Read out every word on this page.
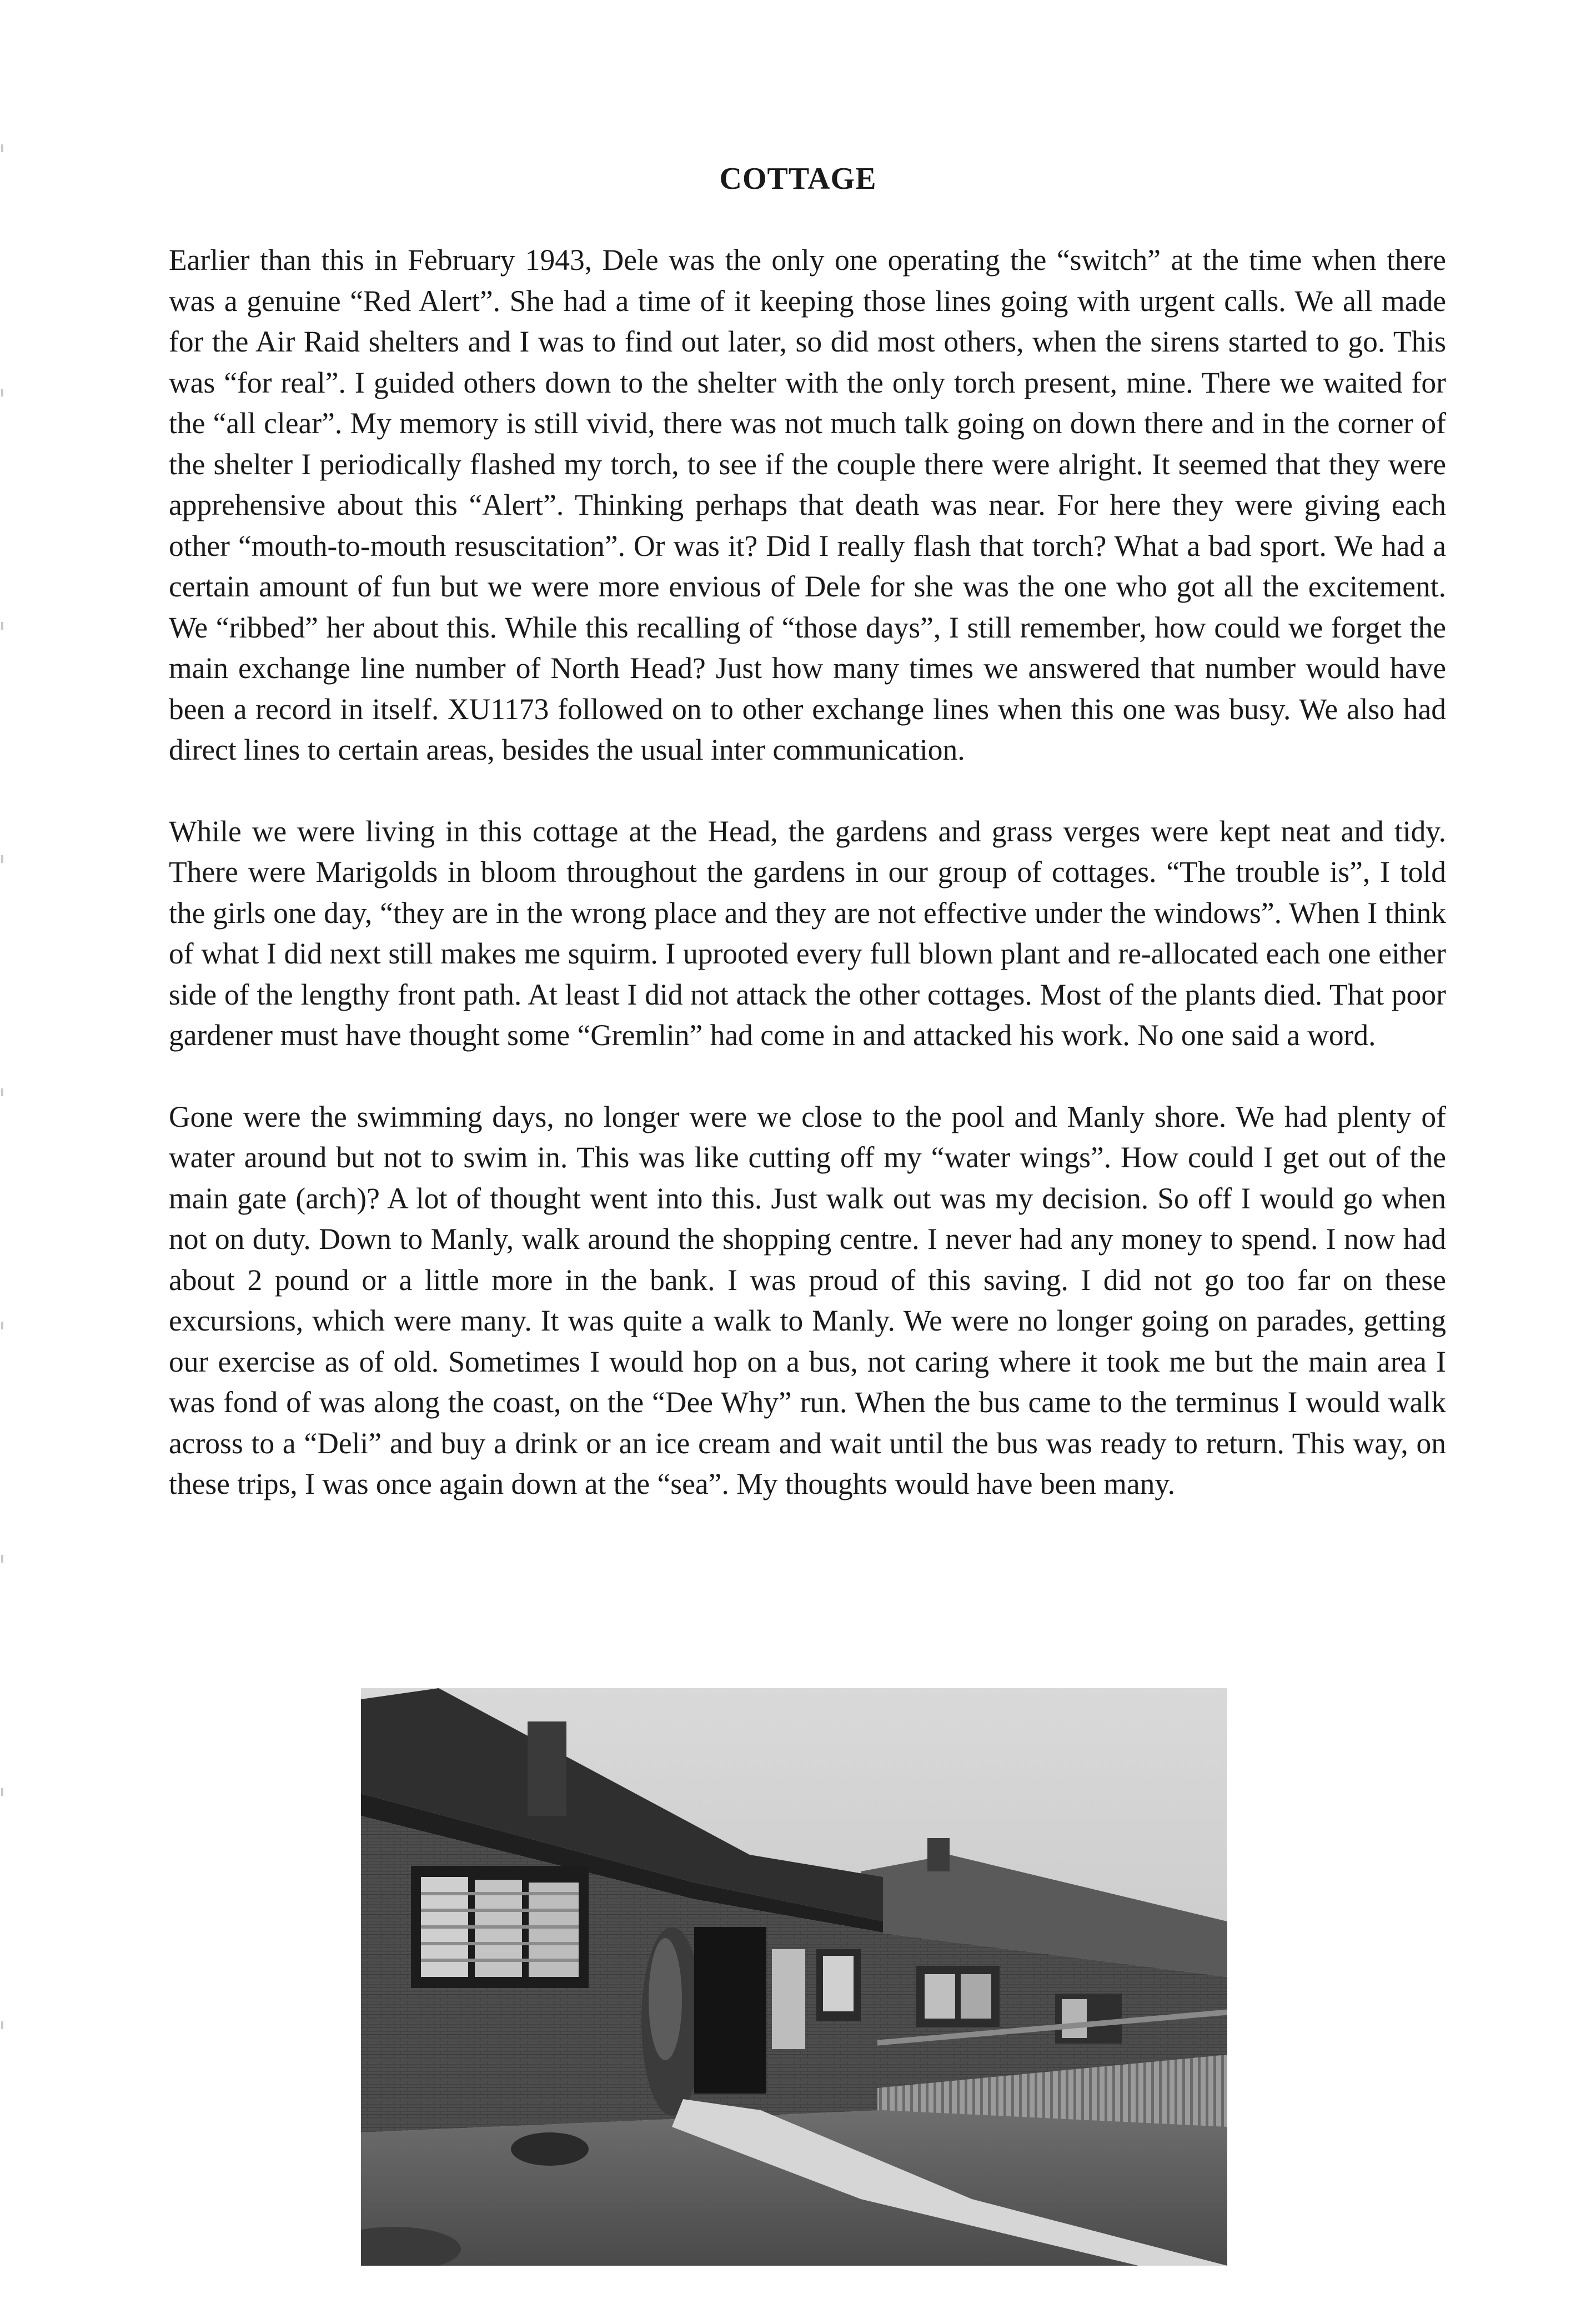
COTTAGE

Earlier than this in February 1943, Dele was the only one operating the “switch” at the time when there was a genuine “Red Alert”. She had a time of it keeping those lines going with urgent calls. We all made for the Air Raid shelters and I was to find out later, so did most others, when the sirens started to go. This was “for real”. I guided others down to the shelter with the only torch present, mine. There we waited for the “all clear”. My memory is still vivid, there was not much talk going on down there and in the corner of the shelter I periodically flashed my torch, to see if the couple there were alright. It seemed that they were apprehensive about this “Alert”. Thinking perhaps that death was near. For here they were giving each other “mouth-to-mouth resuscitation”. Or was it? Did I really flash that torch? What a bad sport. We had a certain amount of fun but we were more envious of Dele for she was the one who got all the excitement. We “ribbed” her about this. While this recalling of “those days”, I still remember, how could we forget the main exchange line number of North Head? Just how many times we answered that number would have been a record in itself. XU1173 followed on to other exchange lines when this one was busy. We also had direct lines to certain areas, besides the usual inter communication.

While we were living in this cottage at the Head, the gardens and grass verges were kept neat and tidy. There were Marigolds in bloom throughout the gardens in our group of cottages. “The trouble is”, I told the girls one day, “they are in the wrong place and they are not effective under the windows”. When I think of what I did next still makes me squirm. I uprooted every full blown plant and re-allocated each one either side of the lengthy front path. At least I did not attack the other cottages. Most of the plants died. That poor gardener must have thought some “Gremlin” had come in and attacked his work. No one said a word.

Gone were the swimming days, no longer were we close to the pool and Manly shore. We had plenty of water around but not to swim in. This was like cutting off my “water wings”. How could I get out of the main gate (arch)? A lot of thought went into this. Just walk out was my decision. So off I would go when not on duty. Down to Manly, walk around the shopping centre. I never had any money to spend. I now had about 2 pound or a little more in the bank. I was proud of this saving. I did not go too far on these excursions, which were many. It was quite a walk to Manly. We were no longer going on parades, getting our exercise as of old. Sometimes I would hop on a bus, not caring where it took me but the main area I was fond of was along the coast, on the “Dee Why” run. When the bus came to the terminus I would walk across to a “Deli” and buy a drink or an ice cream and wait until the bus was ready to return. This way, on these trips, I was once again down at the “sea”. My thoughts would have been many.
